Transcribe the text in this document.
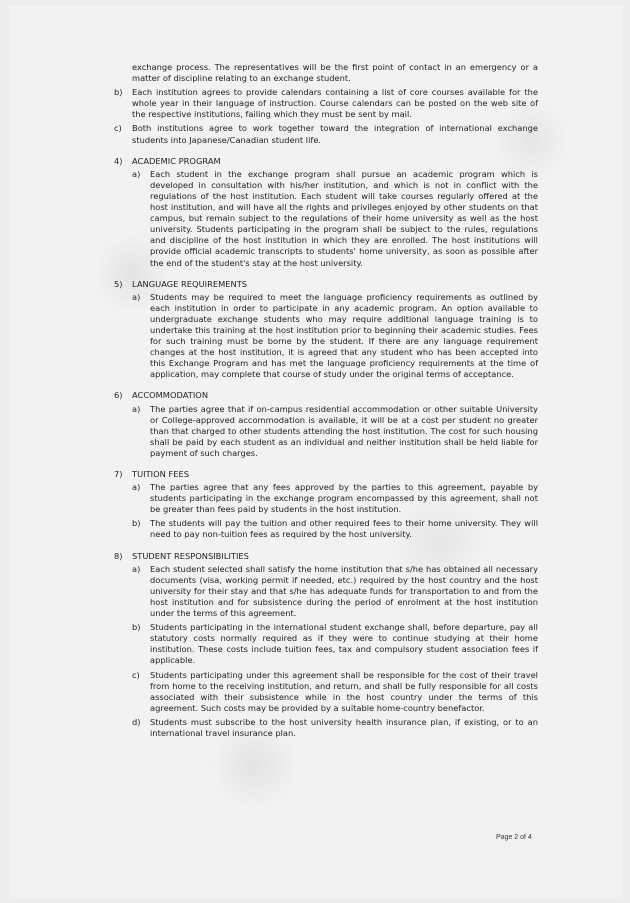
exchange process. The representatives will be the first point of contact in an emergency or a matter of discipline relating to an exchange student.

b)	Each institution agrees to provide calendars containing a list of core courses available for the whole year in their language of instruction. Course calendars can be posted on the web site of the respective institutions, failing which they must be sent by mail.
c)	Both institutions agree to work together toward the integration of international exchange students into Japanese/Canadian student life.
4)	ACADEMIC PROGRAM
a)	Each student in the exchange program shall pursue an academic program which is developed in consultation with his/her institution, and which is not in conflict with the regulations of the host institution. Each student will take courses regularly offered at the host institution, and will have all the rights and privileges enjoyed by other students on that campus, but remain subject to the regulations of their home university as well as the host university. Students participating in the program shall be subject to the rules, regulations and discipline of the host institution in which they are enrolled. The host institutions will provide official academic transcripts to students' home university, as soon as possible after the end of the student's stay at the host university.
5)	LANGUAGE REQUIREMENTS
a)	Students may be required to meet the language proficiency requirements as outlined by each institution in order to participate in any academic program. An option available to undergraduate exchange students who may require additional language training is to undertake this training at the host institution prior to beginning their academic studies. Fees for such training must be borne by the student. If there are any language requirement changes at the host institution, it is agreed that any student who has been accepted into this Exchange Program and has met the language proficiency requirements at the time of application, may complete that course of study under the original terms of acceptance.
6)	ACCOMMODATION
a)	The parties agree that if on-campus residential accommodation or other suitable University or College-approved accommodation is available, it will be at a cost per student no greater than that charged to other students attending the host institution. The cost for such housing shall be paid by each student as an individual and neither institution shall be held liable for payment of such charges.
7)	TUITION FEES
a)	The parties agree that any fees approved by the parties to this agreement, payable by students participating in the exchange program encompassed by this agreement, shall not be greater than fees paid by students in the host institution.
b)	The students will pay the tuition and other required fees to their home university. They will need to pay non-tuition fees as required by the host university.
8)	STUDENT RESPONSIBILITIES
a)	Each student selected shall satisfy the home institution that s/he has obtained all necessary documents (visa, working permit if needed, etc.) required by the host country and the host university for their stay and that s/he has adequate funds for transportation to and from the host institution and for subsistence during the period of enrolment at the host institution under the terms of this agreement.
b)	Students participating in the international student exchange shall, before departure, pay all statutory costs normally required as if they were to continue studying at their home institution. These costs include tuition fees, tax and compulsory student association fees if applicable.
c)	Students participating under this agreement shall be responsible for the cost of their travel from home to the receiving institution, and return, and shall be fully responsible for all costs associated with their subsistence while in the host country under the terms of this agreement. Such costs may be provided by a suitable home-country benefactor.
d)	Students must subscribe to the host university health insurance plan, if existing, or to an international travel insurance plan.
Page 2 of 4
